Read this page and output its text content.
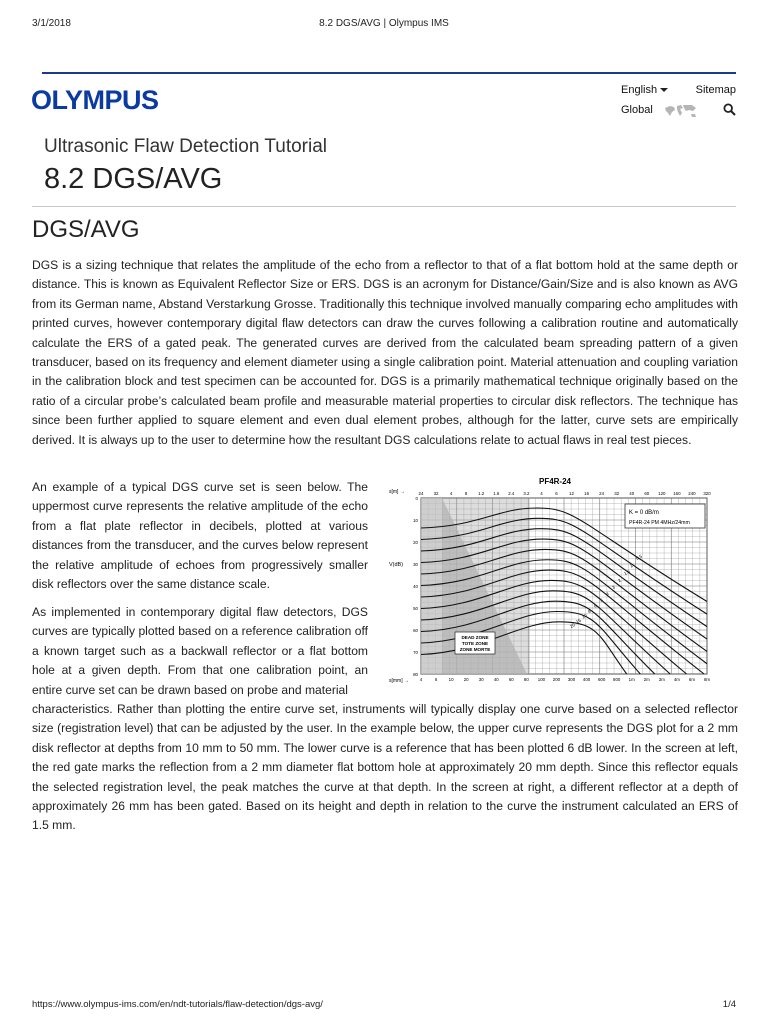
3/1/2018	8.2 DGS/AVG | Olympus IMS
OLYMPUS	English	Sitemap
Global
Ultrasonic Flaw Detection Tutorial
8.2 DGS/AVG
DGS/AVG

DGS is a sizing technique that relates the amplitude of the echo from a reflector to that of a flat bottom hold at the same depth or distance. This is known as Equivalent Reflector Size or ERS. DGS is an acronym for Distance/Gain/Size and is also known as AVG from its German name, Abstand Verstarkung Grosse. Traditionally this technique involved manually comparing echo amplitudes with printed curves, however contemporary digital flaw detectors can draw the curves following a calibration routine and automatically calculate the ERS of a gated peak. The generated curves are derived from the calculated beam spreading pattern of a given transducer, based on its frequency and element diameter using a single calibration point. Material attenuation and coupling variation in the calibration block and test specimen can be accounted for. DGS is a primarily mathematical technique originally based on the ratio of a circular probe’s calculated beam profile and measurable material properties to circular disk reflectors. The technique has since been further applied to square element and even dual element probes, although for the latter, curve sets are empirically derived. It is always up to the user to determine how the resultant DGS calculations relate to actual flaws in real test pieces.

An example of a typical DGS curve set is seen below. The uppermost curve represents the relative amplitude of the echo from a flat plate reflector in decibels, plotted at various distances from the transducer, and the curves below represent the relative amplitude of echoes from progressively smaller disk reflectors over the same distance scale.

As implemented in contemporary digital flaw detectors, DGS curves are typically plotted based on a reference calibration off a known target such as a backwall reflector or a flat bottom hole at a given depth. From that one calibration point, an entire curve set can be drawn based on probe and material
characteristics. Rather than plotting the entire curve set, instruments will typically display one curve based on a selected reflector size (registration level) that can be adjusted by the user. In the example below, the upper curve represents the DGS plot for a 2 mm disk reflector at depths from 10 mm to 50 mm. The lower curve is a reference that has been plotted 6 dB lower. In the screen at left, the red gate marks the reflection from a 2 mm diameter flat bottom hole at approximately 20 mm depth. Since this reflector equals the selected registration level, the peak matches the curve at that depth. In the screen at right, a different reflector at a depth of approximately 26 mm has been gated. Based on its height and depth in relation to the curve the instrument calculated an ERS of 1.5 mm.

0.5
1
1.5
2
3
4
5
6
8
10
15
20
K = 0 dB/m
PF4R-24 PM 4MHz/24mm
PF4R-24
s[m] →
s[mm] →
V(dB)
DEAD ZONE
TOTE ZONE
ZONE MORTE
24 32	4	8 1.2 1.6 2.4 3.2 4	6	12 16 24 32 40 60 120 160 240 320
4	6	10 20 30 40 60 80 100 200 300 400 600 800 1m 2m 3m 4m 6m 8m
0
10
20
30
40
50
60
70
80
https://www.olympus-ims.com/en/ndt-tutorials/flaw-detection/dgs-avg/	1/4
